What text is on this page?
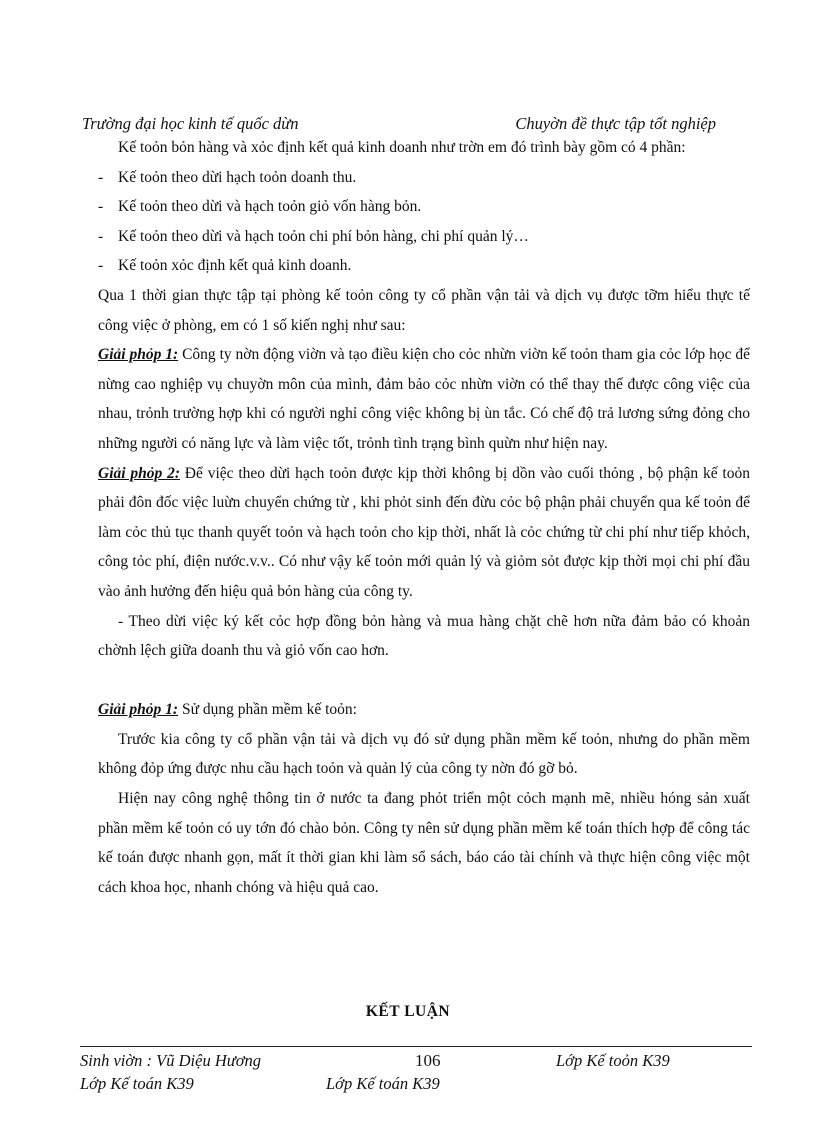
Trường đại học kinh tế quốc dừn	Chuyờn đề thực tập tốt nghiệp

Kế toỏn bỏn hàng và xỏc định kết quả kinh doanh như trờn em đó trình bày gồm có 4 phần:

- Kế toỏn theo dừi hạch toỏn doanh thu.
- Kế toỏn theo dừi và hạch toỏn giỏ vốn hàng bỏn.
- Kế toỏn theo dừi và hạch toỏn chi phí bỏn hàng, chi phí quản lý…
- Kế toỏn xỏc định kết quả kinh doanh.

Qua 1 thời gian thực tập tại phòng kế toỏn công ty cổ phần vận tải và dịch vụ được tỡm hiểu thực tế công việc ở phòng, em có 1 số kiến nghị như sau:

Giải phỏp 1: Công ty nờn động viờn và tạo điều kiện cho cỏc nhừn viờn kế toỏn tham gia cỏc lớp học để nừng cao nghiệp vụ chuyờn môn của mình, đảm bảo cỏc nhừn viờn có thể thay thế được công việc của nhau, trỏnh trường hợp khi có người nghỉ công việc không bị ùn tắc. Có chế độ trả lương sứng đỏng cho những người có năng lực và làm việc tốt, trỏnh tình trạng bình quừn như hiện nay.

Giải phỏp 2: Để việc theo dừi hạch toỏn được kịp thời không bị dồn vào cuối thỏng , bộ phận kế toỏn phải đôn đốc việc luừn chuyển chứng từ , khi phỏt sinh đến đừu cỏc bộ phận phải chuyển qua kế toỏn để làm cỏc thủ tục thanh quyết toỏn và hạch toỏn cho kịp thời, nhất là cỏc chứng từ chi phí như tiếp khỏch, công tỏc phí, điện nước.v.v.. Có như vậy kế toỏn mới quản lý và giỏm sỏt được kịp thời mọi chi phí đầu vào ảnh hưởng đến hiệu quả bỏn hàng của công ty.

- Theo dừi việc ký kết cỏc hợp đồng bỏn hàng và mua hàng chặt chẽ hơn nữa đảm bảo có khoản chờnh lệch giữa doanh thu và giỏ vốn cao hơn.

Giải phỏp 1: Sử dụng phần mềm kế toỏn:

Trước kia công ty cổ phần vận tải và dịch vụ đó sử dụng phần mềm kế toỏn, nhưng do phần mềm không đỏp ứng được nhu cầu hạch toỏn và quản lý của công ty nờn đó gỡ bỏ.

Hiện nay công nghệ thông tin ở nước ta đang phỏt triển một cỏch mạnh mẽ, nhiều hóng sản xuất phần mềm kế toỏn có uy tớn đó chào bỏn. Công ty nên sử dụng phần mềm kế toán thích hợp để công tác kế toán được nhanh gọn, mất ít thời gian khi làm sổ sách, báo cáo tài chính và thực hiện công việc một cách khoa học, nhanh chóng và hiệu quả cao.

KẾT LUẬN
Sinh viờn : Vũ Diệu Hương	106	Lớp Kế toỏn K39
Lớp Kế toán K39	Lớp Kế toán K39
